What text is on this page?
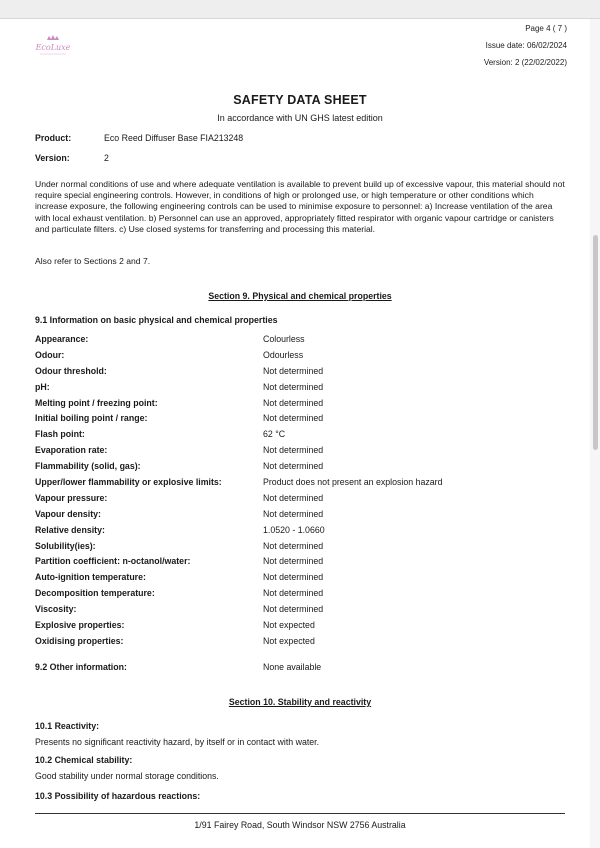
EcoLuxe
Page 4 ( 7 )
Issue date: 06/02/2024
Version: 2 (22/02/2022)
SAFETY DATA SHEET
In accordance with UN GHS latest edition
Product:	Eco Reed Diffuser Base FIA213248
Version:	2
Under normal conditions of use and where adequate ventilation is available to prevent build up of excessive vapour, this material should not require special engineering controls. However, in conditions of high or prolonged use, or high temperature or other conditions which increase exposure, the following engineering controls can be used to minimise exposure to personnel: a) Increase ventilation of the area with local exhaust ventilation. b) Personnel can use an approved, appropriately fitted respirator with organic vapour cartridge or canisters and particulate filters. c) Use closed systems for transferring and processing this material.
Also refer to Sections 2 and 7.
Section 9. Physical and chemical properties
9.1 Information on basic physical and chemical properties
Appearance:	Colourless
Odour:	Odourless
Odour threshold:	Not determined
pH:	Not determined
Melting point / freezing point:	Not determined
Initial boiling point / range:	Not determined
Flash point:	62 °C
Evaporation rate:	Not determined
Flammability (solid, gas):	Not determined
Upper/lower flammability or explosive limits:	Product does not present an explosion hazard
Vapour pressure:	Not determined
Vapour density:	Not determined
Relative density:	1.0520 - 1.0660
Solubility(ies):	Not determined
Partition coefficient: n-octanol/water:	Not determined
Auto-ignition temperature:	Not determined
Decomposition temperature:	Not determined
Viscosity:	Not determined
Explosive properties:	Not expected
Oxidising properties:	Not expected
9.2 Other information:	None available
Section 10. Stability and reactivity
10.1 Reactivity:
Presents no significant reactivity hazard, by itself or in contact with water.
10.2 Chemical stability:
Good stability under normal storage conditions.
10.3 Possibility of hazardous reactions:
1/91 Fairey Road, South Windsor NSW 2756 Australia
